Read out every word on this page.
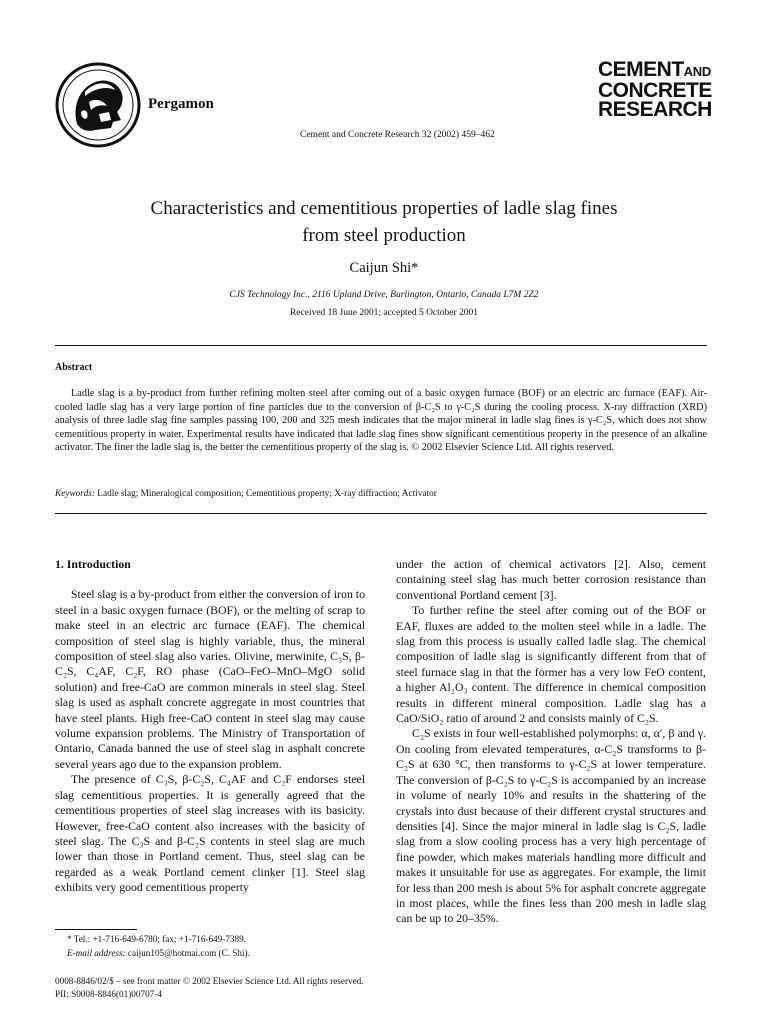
Pergamon
Cement and Concrete Research 32 (2002) 459–462
CEMENTAND
CONCRETE
RESEARCH
Characteristics and cementitious properties of ladle slag fines
from steel production
Caijun Shi*
CJS Technology Inc., 2116 Upland Drive, Burlington, Ontario, Canada L7M 2Z2
Received 18 June 2001; accepted 5 October 2001
Abstract
Ladle slag is a by-product from further refining molten steel after coming out of a basic oxygen furnace (BOF) or an electric arc furnace (EAF). Air-cooled ladle slag has a very large portion of fine particles due to the conversion of β-C₂S to γ-C₂S during the cooling process. X-ray diffraction (XRD) analysis of three ladle slag fine samples passing 100, 200 and 325 mesh indicates that the major mineral in ladle slag fines is γ-C₂S, which does not show cementitious property in water. Experimental results have indicated that ladle slag fines show significant cementitious property in the presence of an alkaline activator. The finer the ladle slag is, the better the cementitious property of the slag is. © 2002 Elsevier Science Ltd. All rights reserved.
Keywords: Ladle slag; Mineralogical composition; Cementitious property; X-ray diffraction; Activator
1. Introduction

Steel slag is a by-product from either the conversion of iron to steel in a basic oxygen furnace (BOF), or the melting of scrap to make steel in an electric arc furnace (EAF). The chemical composition of steel slag is highly variable, thus, the mineral composition of steel slag also varies. Olivine, merwinite, C₃S, β-C₂S, C₄AF, C₂F, RO phase (CaO–FeO–MnO–MgO solid solution) and free-CaO are common minerals in steel slag. Steel slag is used as asphalt concrete aggregate in most countries that have steel plants. High free-CaO content in steel slag may cause volume expansion problems. The Ministry of Transportation of Ontario, Canada banned the use of steel slag in asphalt concrete several years ago due to the expansion problem.

The presence of C₃S, β-C₂S, C₄AF and C₂F endorses steel slag cementitious properties. It is generally agreed that the cementitious properties of steel slag increases with its basicity. However, free-CaO content also increases with the basicity of steel slag. The C₃S and β-C₂S contents in steel slag are much lower than those in Portland cement. Thus, steel slag can be regarded as a weak Portland cement clinker [1]. Steel slag exhibits very good cementitious property

under the action of chemical activators [2]. Also, cement containing steel slag has much better corrosion resistance than conventional Portland cement [3].

To further refine the steel after coming out of the BOF or EAF, fluxes are added to the molten steel while in a ladle. The slag from this process is usually called ladle slag. The chemical composition of ladle slag is significantly different from that of steel furnace slag in that the former has a very low FeO content, a higher Al₂O₃ content. The difference in chemical composition results in different mineral composition. Ladle slag has a CaO/SiO₂ ratio of around 2 and consists mainly of C₂S.

C₂S exists in four well-established polymorphs: α, α′, β and γ. On cooling from elevated temperatures, α-C₂S transforms to β-C₂S at 630 °C, then transforms to γ-C₂S at lower temperature. The conversion of β-C₂S to γ-C₂S is accompanied by an increase in volume of nearly 10% and results in the shattering of the crystals into dust because of their different crystal structures and densities [4]. Since the major mineral in ladle slag is C₂S, ladle slag from a slow cooling process has a very high percentage of fine powder, which makes materials handling more difficult and makes it unsuitable for use as aggregates. For example, the limit for less than 200 mesh is about 5% for asphalt concrete aggregate in most places, while the fines less than 200 mesh in ladle slag can be up to 20–35%.

* Tel.: +1-716-649-6780; fax: +1-716-649-7389.
E-mail address: caijun105@hotmai.com (C. Shi).
0008-8846/02/$ – see front matter © 2002 Elsevier Science Ltd. All rights reserved.
PII: S0008-8846(01)00707-4
